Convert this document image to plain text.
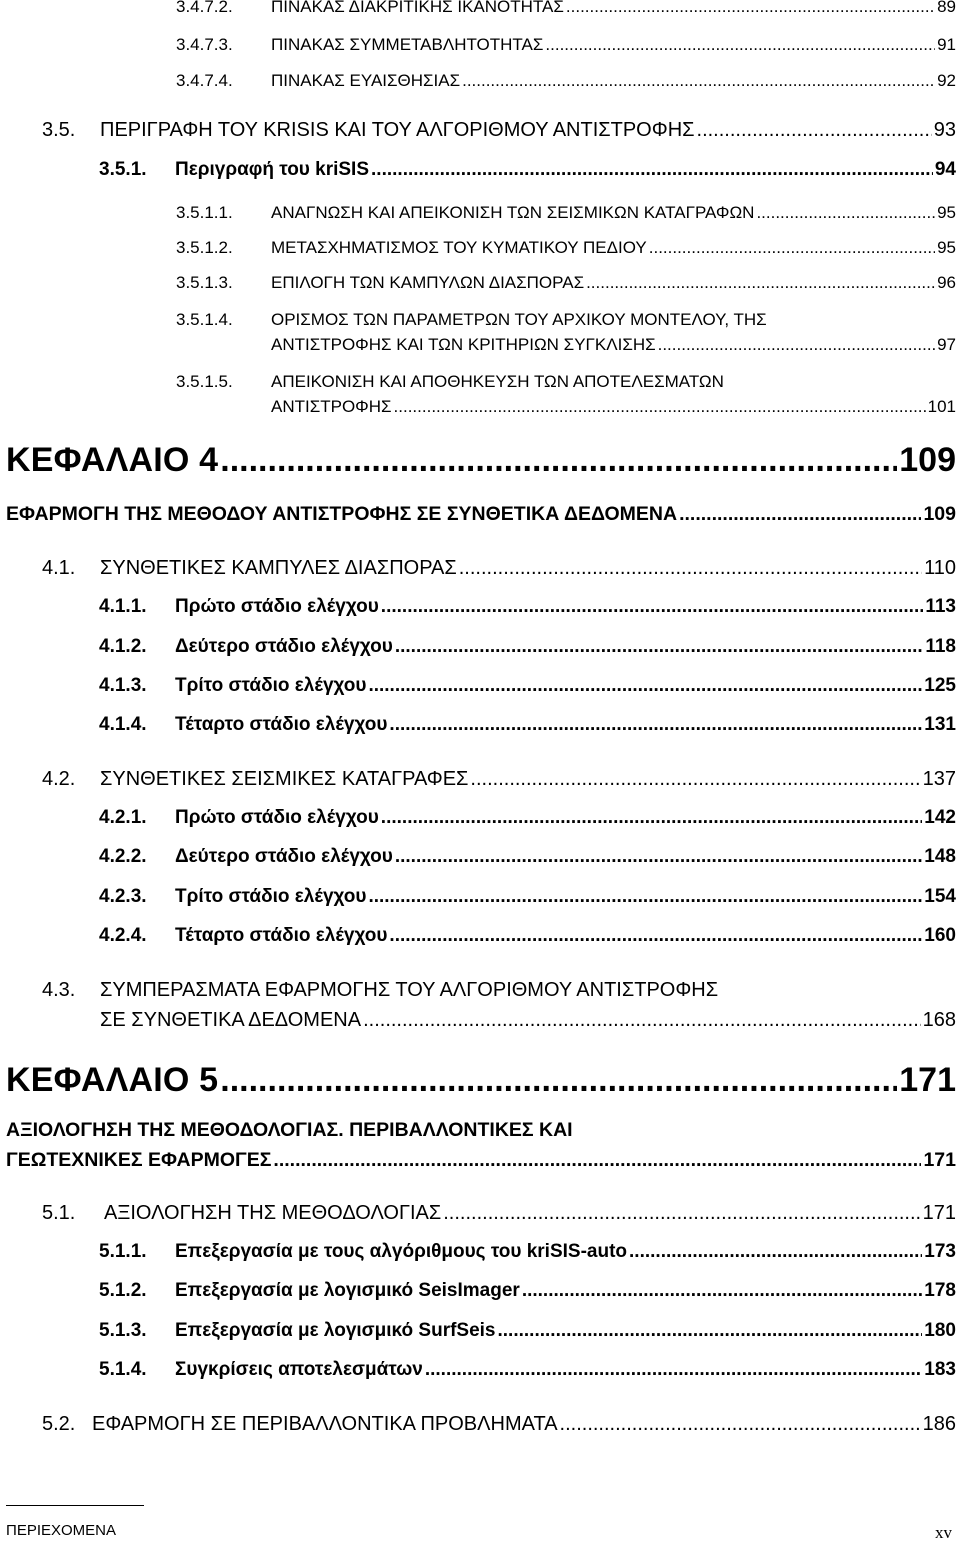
3.4.7.2.	ΠΙΝΑΚΑΣ ΔΙΑΚΡΙΤΙΚΗΣ ΙΚΑΝΟΤΗΤΑΣ .....	89
3.4.7.3.	ΠΙΝΑΚΑΣ ΣΥΜΜΕΤΑΒΛΗΤΟΤΗΤΑΣ .....	91
3.4.7.4.	ΠΙΝΑΚΑΣ ΕΥΑΙΣΘΗΣΙΑΣ .....	92
3.5.	ΠΕΡΙΓΡΑΦΗ ΤΟΥ KRISIS ΚΑΙ ΤΟΥ ΑΛΓΟΡΙΘΜΟΥ ΑΝΤΙΣΤΡΟΦΗΣ .....	93
3.5.1.	Περιγραφή του kriSIS .....	94
3.5.1.1.	ΑΝΑΓΝΩΣΗ ΚΑΙ ΑΠΕΙΚΟΝΙΣΗ ΤΩΝ ΣΕΙΣΜΙΚΩΝ ΚΑΤΑΓΡΑΦΩΝ .....	95
3.5.1.2.	ΜΕΤΑΣΧΗΜΑΤΙΣΜΟΣ ΤΟΥ ΚΥΜΑΤΙΚΟΥ ΠΕΔΙΟΥ .....	95
3.5.1.3.	ΕΠΙΛΟΓΗ ΤΩΝ ΚΑΜΠΥΛΩΝ ΔΙΑΣΠΟΡΑΣ .....	96
3.5.1.4.	ΟΡΙΣΜΟΣ ΤΩΝ ΠΑΡΑΜΕΤΡΩΝ ΤΟΥ ΑΡΧΙΚΟΥ ΜΟΝΤΕΛΟΥ, ΤΗΣ
ΑΝΤΙΣΤΡΟΦΗΣ ΚΑΙ ΤΩΝ ΚΡΙΤΗΡΙΩΝ ΣΥΓΚΛΙΣΗΣ .....	97
3.5.1.5.	ΑΠΕΙΚΟΝΙΣΗ ΚΑΙ ΑΠΟΘΗΚΕΥΣΗ ΤΩΝ ΑΠΟΤΕΛΕΣΜΑΤΩΝ
ΑΝΤΙΣΤΡΟΦΗΣ .....	101
ΚΕΦΑΛΑΙΟ 4 .....	109
ΕΦΑΡΜΟΓΗ ΤΗΣ ΜΕΘΟΔΟΥ ΑΝΤΙΣΤΡΟΦΗΣ ΣΕ ΣΥΝΘΕΤΙΚΑ ΔΕΔΟΜΕΝΑ .....	109
4.1.	ΣΥΝΘΕΤΙΚΕΣ ΚΑΜΠΥΛΕΣ ΔΙΑΣΠΟΡΑΣ .....	110
4.1.1.	Πρώτο στάδιο ελέγχου .....	113
4.1.2.	Δεύτερο στάδιο ελέγχου .....	118
4.1.3.	Τρίτο στάδιο ελέγχου .....	125
4.1.4.	Τέταρτο στάδιο ελέγχου .....	131
4.2.	ΣΥΝΘΕΤΙΚΕΣ ΣΕΙΣΜΙΚΕΣ ΚΑΤΑΓΡΑΦΕΣ .....	137
4.2.1.	Πρώτο στάδιο ελέγχου .....	142
4.2.2.	Δεύτερο στάδιο ελέγχου .....	148
4.2.3.	Τρίτο στάδιο ελέγχου .....	154
4.2.4.	Τέταρτο στάδιο ελέγχου .....	160
4.3.	ΣΥΜΠΕΡΑΣΜΑΤΑ ΕΦΑΡΜΟΓΗΣ ΤΟΥ ΑΛΓΟΡΙΘΜΟΥ ΑΝΤΙΣΤΡΟΦΗΣ
ΣΕ ΣΥΝΘΕΤΙΚΑ ΔΕΔΟΜΕΝΑ .....	168
ΚΕΦΑΛΑΙΟ 5 .....	171
ΑΞΙΟΛΟΓΗΣΗ ΤΗΣ ΜΕΘΟΔΟΛΟΓΙΑΣ. ΠΕΡΙΒΑΛΛΟΝΤΙΚΕΣ ΚΑΙ
ΓΕΩΤΕΧΝΙΚΕΣ ΕΦΑΡΜΟΓΕΣ .....	171
5.1.	ΑΞΙΟΛΟΓΗΣΗ ΤΗΣ ΜΕΘΟΔΟΛΟΓΙΑΣ .....	171
5.1.1.	Επεξεργασία με τους αλγόριθμους του kriSIS-auto .....	173
5.1.2.	Επεξεργασία με λογισμικό SeisImager .....	178
5.1.3.	Επεξεργασία με λογισμικό SurfSeis .....	180
5.1.4.	Συγκρίσεις αποτελεσμάτων .....	183
5.2. ΕΦΑΡΜΟΓΗ ΣΕ ΠΕΡΙΒΑΛΛΟΝΤΙΚΑ ΠΡΟΒΛΗΜΑΤΑ .....	186
ΠΕΡΙΕΧΟΜΕΝΑ	xv
